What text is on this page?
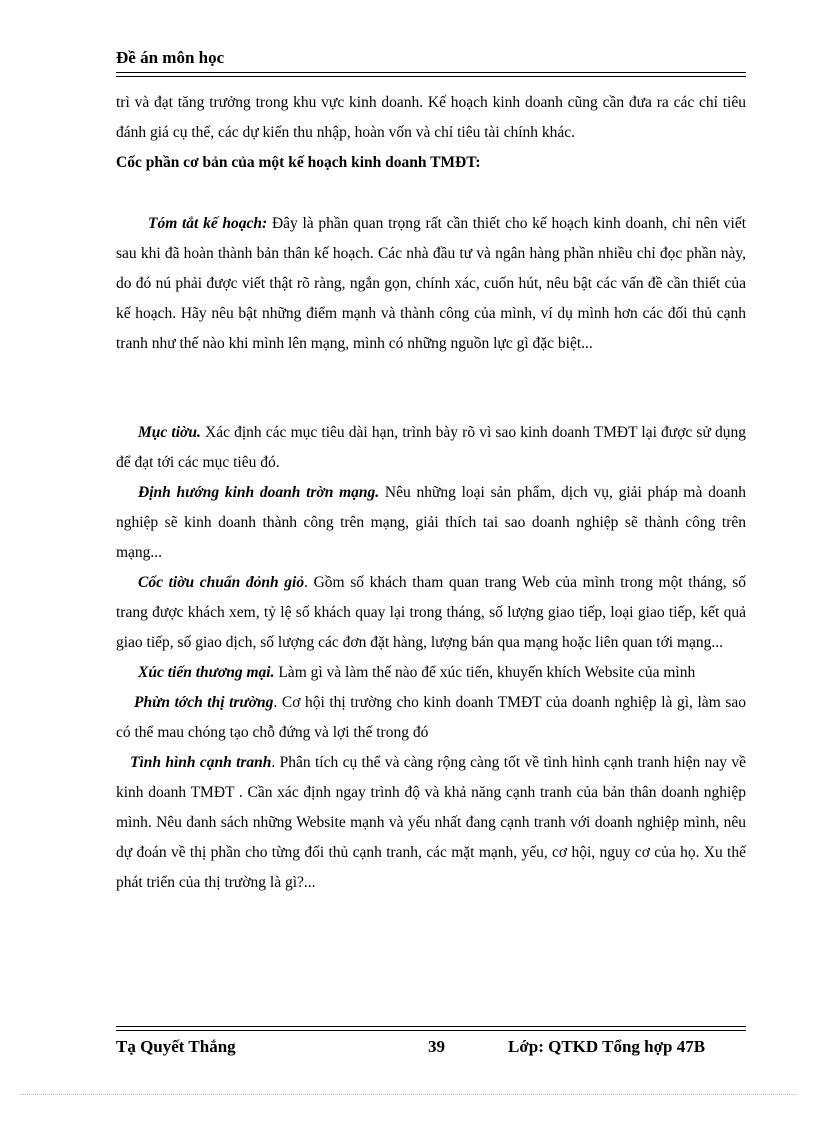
Đề án môn học

trì và đạt tăng trưởng trong khu vực kinh doanh. Kế hoạch kinh doanh cũng cần đưa ra các chỉ tiêu đánh giá cụ thể, các dự kiến thu nhập, hoàn vốn và chỉ tiêu tài chính khác.

Cốc phần cơ bản của một kế hoạch kinh doanh TMĐT:

Tóm tắt kế hoạch: Đây là phần quan trọng rất cần thiết cho kế hoạch kinh doanh, chỉ nên viết sau khi đã hoàn thành bản thân kế hoạch. Các nhà đầu tư và ngân hàng phần nhiều chỉ đọc phần này, do đó nú phải được viết thật rõ ràng, ngắn gọn, chính xác, cuốn hút, nêu bật các vấn đề cần thiết của kế hoạch. Hãy nêu bật những điểm mạnh và thành công của mình, ví dụ mình hơn các đối thủ cạnh tranh như thế nào khi mình lên mạng, mình có những nguồn lực gì đặc biệt...

Mục tiờu. Xác định các mục tiêu dài hạn, trình bày rõ vì sao kinh doanh TMĐT lại được sử dụng để đạt tới các mục tiêu đó.

Định hướng kinh doanh trờn mạng. Nêu những loại sản phẩm, dịch vụ, giải pháp mà doanh nghiệp sẽ kinh doanh thành công trên mạng, giải thích tai sao doanh nghiệp sẽ thành công trên mạng...

Cốc tiờu chuẩn đỏnh giỏ. Gồm số khách tham quan trang Web của mình trong một tháng, số trang được khách xem, tỷ lệ số khách quay lại trong tháng, số lượng giao tiếp, loại giao tiếp, kết quả giao tiếp, số giao dịch, số lượng các đơn đặt hàng, lượng bán qua mạng hoặc liên quan tới mạng...

Xúc tiến thương mại. Làm gì và làm thế nào để xúc tiến, khuyến khích Website của mình

Phừn tớch thị trường. Cơ hội thị trường cho kinh doanh TMĐT của doanh nghiệp là gì, làm sao có thể mau chóng tạo chỗ đứng và lợi thế trong đó

Tình hình cạnh tranh. Phân tích cụ thể và càng rộng càng tốt về tình hình cạnh tranh hiện nay về kinh doanh TMĐT . Cần xác định ngay trình độ và khả năng cạnh tranh của bản thân doanh nghiệp mình. Nêu danh sách những Website mạnh và yếu nhất đang cạnh tranh với doanh nghiệp mình, nêu dự đoán về thị phần cho từng đối thủ cạnh tranh, các mặt mạnh, yếu, cơ hội, nguy cơ của họ. Xu thế phát triển của thị trường là gì?...

Tạ Quyết Thắng	39	Lớp: QTKD Tổng hợp 47B
